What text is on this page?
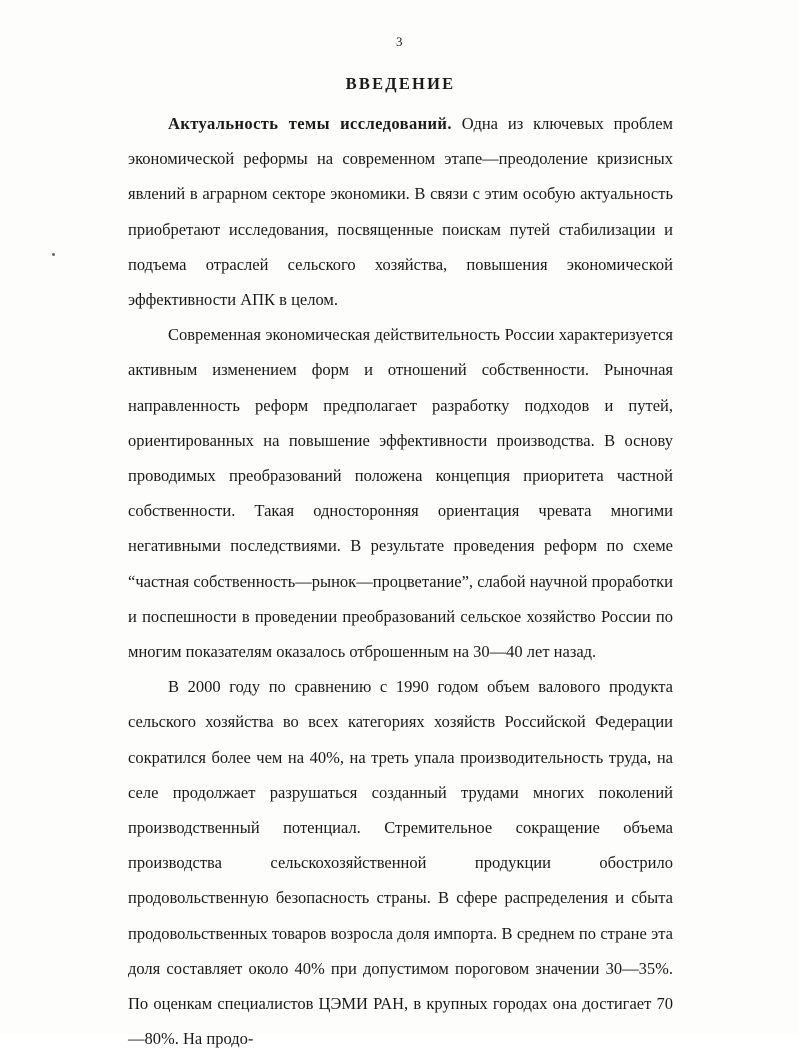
3
ВВЕДЕНИЕ

Актуальность темы исследований. Одна из ключевых проблем экономической реформы на современном этапе—преодоление кризисных явлений в аграрном секторе экономики. В связи с этим особую актуальность приобретают исследования, посвященные поискам путей стабилизации и подъема отраслей сельского хозяйства, повышения экономической эффективности АПК в целом.

Современная экономическая действительность России характеризуется активным изменением форм и отношений собственности. Рыночная направленность реформ предполагает разработку подходов и путей, ориентированных на повышение эффективности производства. В основу проводимых преобразований положена концепция приоритета частной собственности. Такая односторонняя ориентация чревата многими негативными последствиями. В результате проведения реформ по схеме “частная собственность—рынок—процветание”, слабой научной проработки и поспешности в проведении преобразований сельское хозяйство России по многим показателям оказалось отброшенным на 30—40 лет назад.

В 2000 году по сравнению с 1990 годом объем валового продукта сельского хозяйства во всех категориях хозяйств Российской Федерации сократился более чем на 40%, на треть упала производительность труда, на селе продолжает разрушаться созданный трудами многих поколений производственный потенциал. Стремительное сокращение объема производства сельскохозяйственной продукции обострило продовольственную безопасность страны. В сфере распределения и сбыта продовольственных товаров возросла доля импорта. В среднем по стране эта доля составляет около 40% при допустимом пороговом значении 30—35%. По оценкам специалистов ЦЭМИ РАН, в крупных городах она достигает 70—80%. На продо-
